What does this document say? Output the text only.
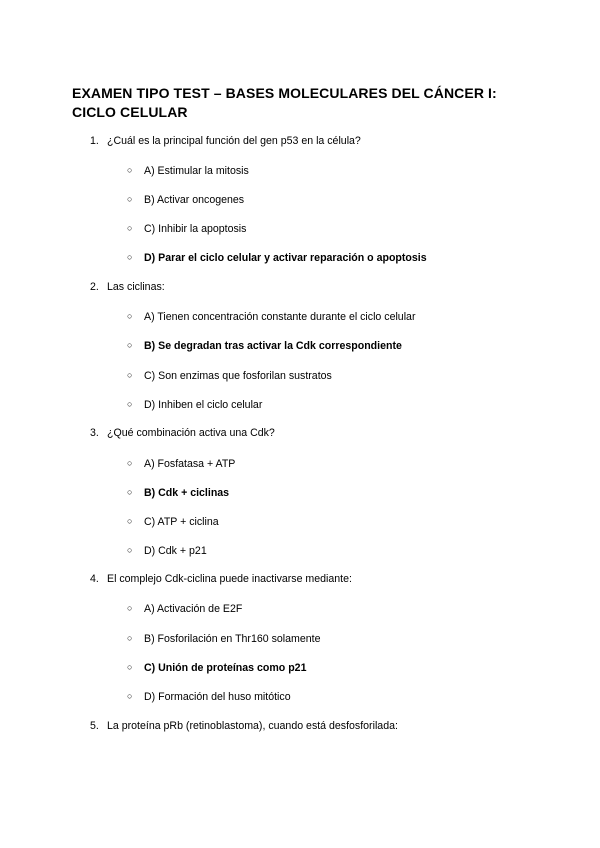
EXAMEN TIPO TEST – BASES MOLECULARES DEL CÁNCER I: CICLO CELULAR
1. ¿Cuál es la principal función del gen p53 en la célula?
○ A) Estimular la mitosis
○ B) Activar oncogenes
○ C) Inhibir la apoptosis
○ D) Parar el ciclo celular y activar reparación o apoptosis
2. Las ciclinas:
○ A) Tienen concentración constante durante el ciclo celular
○ B) Se degradan tras activar la Cdk correspondiente
○ C) Son enzimas que fosforilan sustratos
○ D) Inhiben el ciclo celular
3. ¿Qué combinación activa una Cdk?
○ A) Fosfatasa + ATP
○ B) Cdk + ciclinas
○ C) ATP + ciclina
○ D) Cdk + p21
4. El complejo Cdk-ciclina puede inactivarse mediante:
○ A) Activación de E2F
○ B) Fosforilación en Thr160 solamente
○ C) Unión de proteínas como p21
○ D) Formación del huso mitótico
5. La proteína pRb (retinoblastoma), cuando está desfosforilada:
